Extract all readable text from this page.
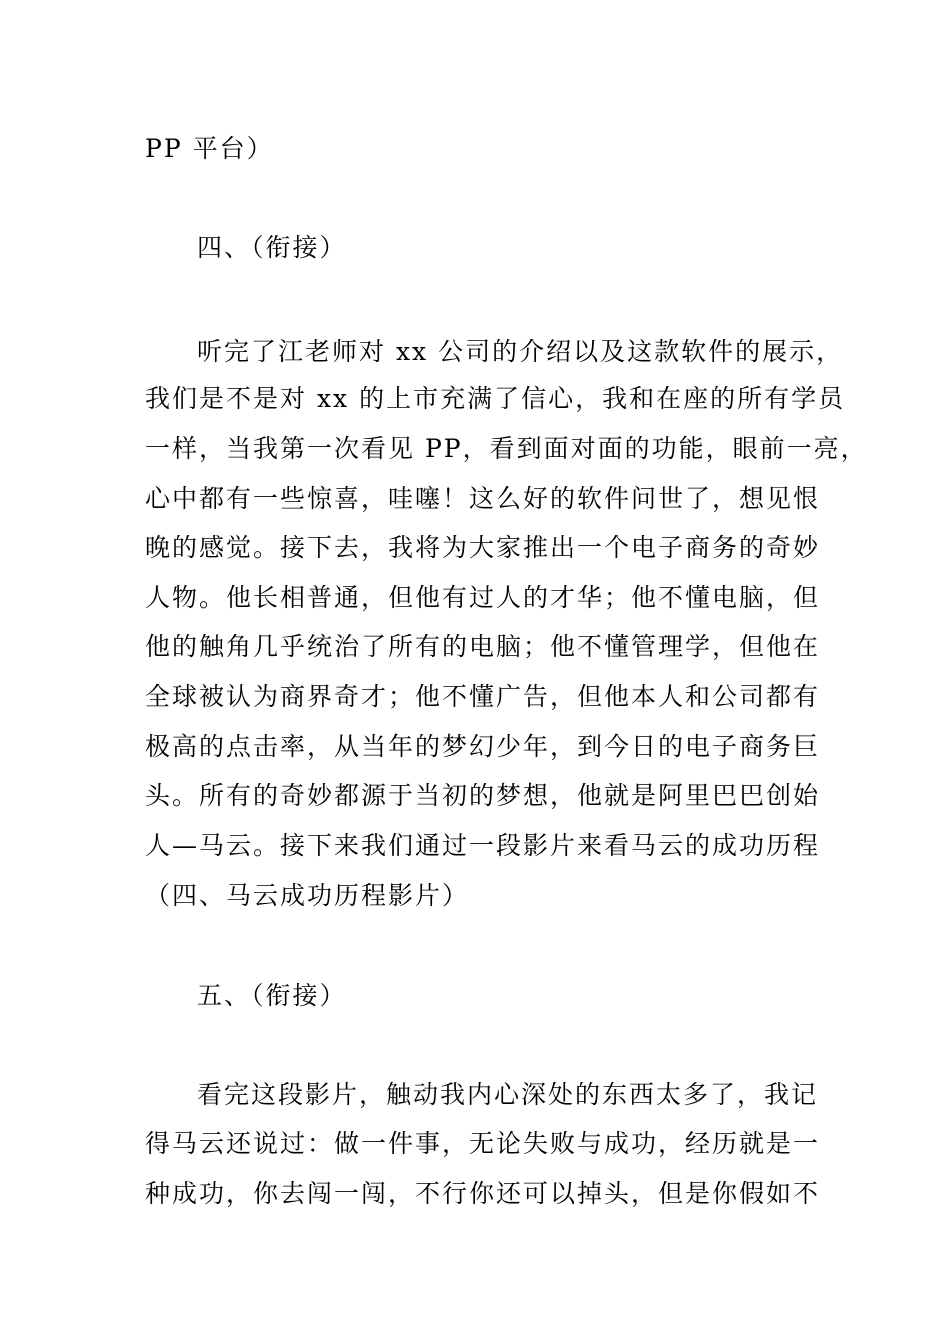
PP 平台）
四、（衔接）
听完了江老师对 xx 公司的介绍以及这款软件的展示，
我们是不是对 xx 的上市充满了信心，我和在座的所有学员
一样，当我第一次看见 PP，看到面对面的功能，眼前一亮，
心中都有一些惊喜，哇噻！这么好的软件问世了，想见恨
晚的感觉。接下去，我将为大家推出一个电子商务的奇妙
人物。他长相普通，但他有过人的才华；他不懂电脑，但
他的触角几乎统治了所有的电脑；他不懂管理学，但他在
全球被认为商界奇才；他不懂广告，但他本人和公司都有
极高的点击率，从当年的梦幻少年，到今日的电子商务巨
头。所有的奇妙都源于当初的梦想，他就是阿里巴巴创始
人—马云。接下来我们通过一段影片来看马云的成功历程
（四、马云成功历程影片）
五、（衔接）
看完这段影片，触动我内心深处的东西太多了，我记
得马云还说过：做一件事，无论失败与成功，经历就是一
种成功，你去闯一闯，不行你还可以掉头，但是你假如不
